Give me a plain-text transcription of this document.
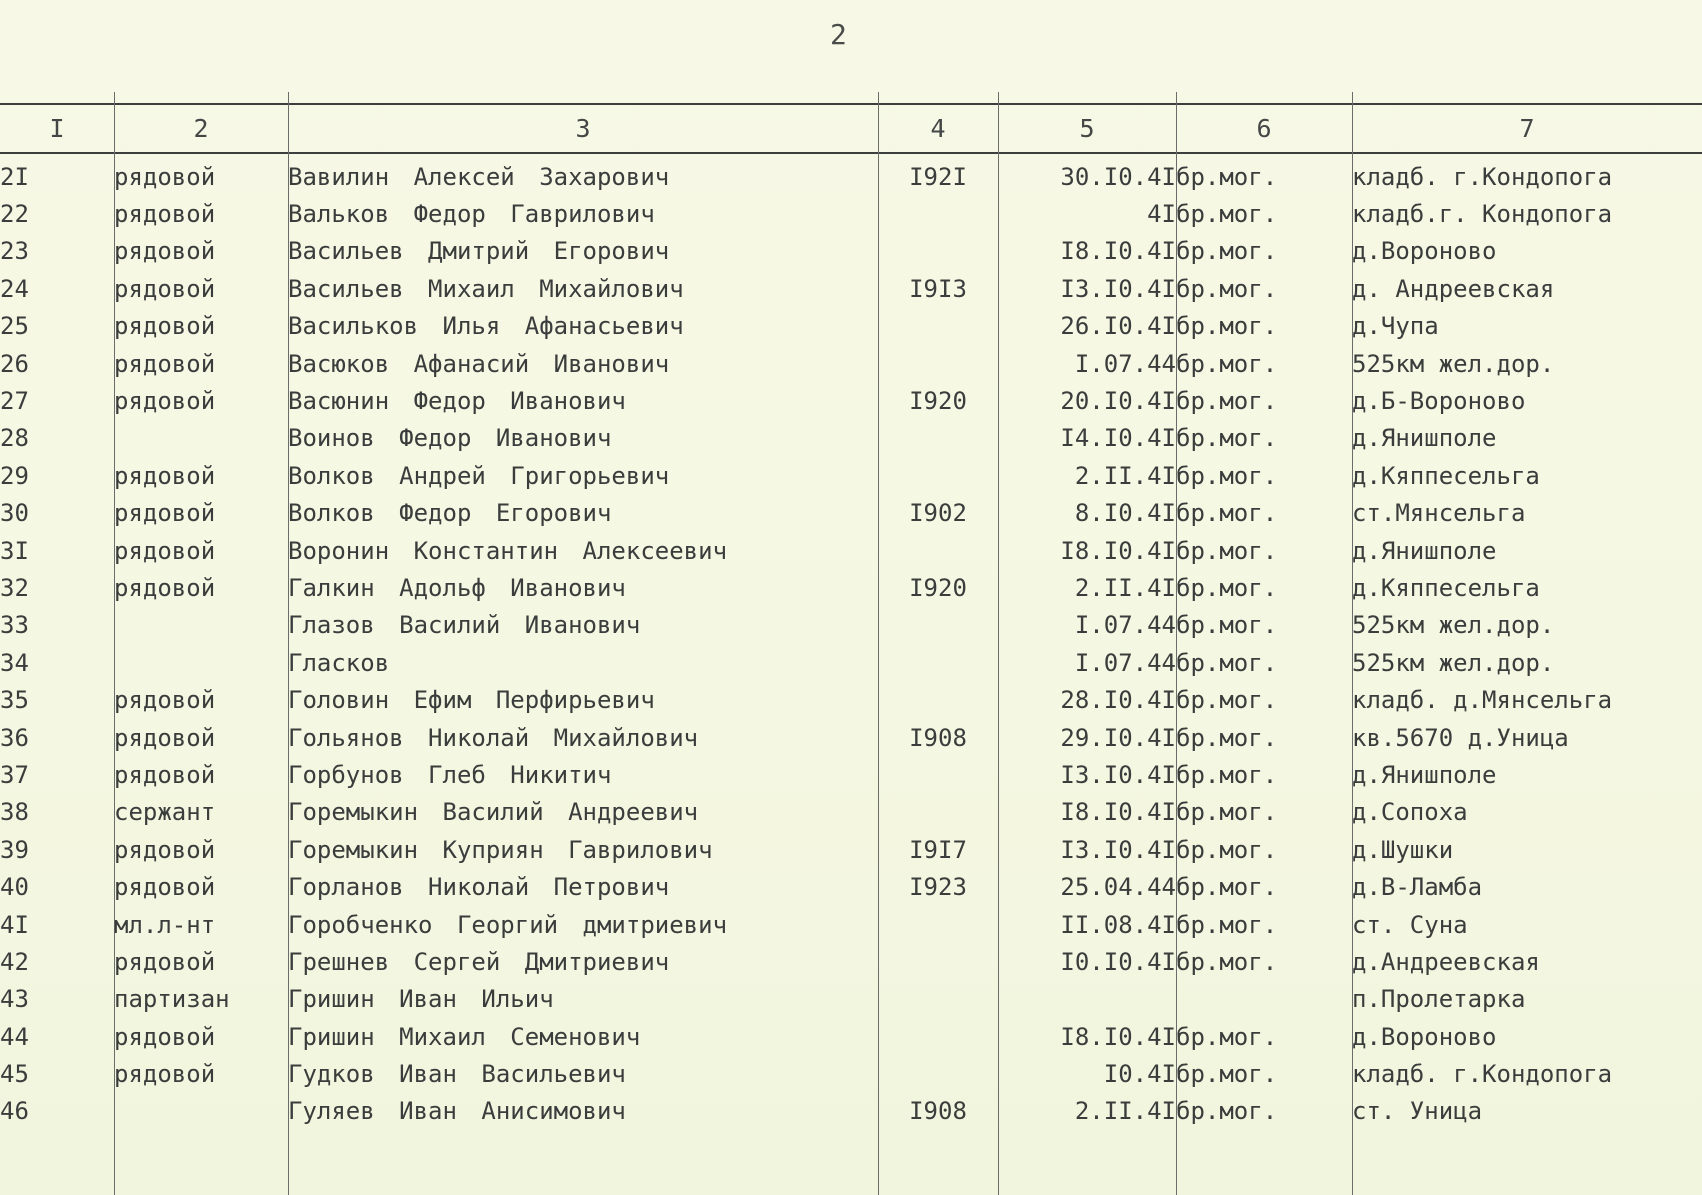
2
I	2	3	4	5	6	7
2I	рядовой	Вавилин Алексей Захарович	I92I	30.I0.4I	бр.мог.	кладб. г.Кондопога
22	рядовой	Вальков Федор Гаврилович		4I	бр.мог.	кладб.г. Кондопога
23	рядовой	Васильев Дмитрий Егорович		I8.I0.4I	бр.мог.	д.Вороново
24	рядовой	Васильев Михаил Михайлович	I9I3	I3.I0.4I	бр.мог.	д. Андреевская
25	рядовой	Васильков Илья Афанасьевич		26.I0.4I	бр.мог.	д.Чупа
26	рядовой	Васюков Афанасий Иванович		I.07.44	бр.мог.	525км жел.дор.
27	рядовой	Васюнин Федор Иванович	I920	20.I0.4I	бр.мог.	д.Б-Вороново
28		Воинов Федор Иванович		I4.I0.4I	бр.мог.	д.Янишполе
29	рядовой	Волков Андрей Григорьевич		2.II.4I	бр.мог.	д.Кяппесельга
30	рядовой	Волков Федор Егорович	I902	8.I0.4I	бр.мог.	ст.Мянсельга
3I	рядовой	Воронин Константин Алексеевич		I8.I0.4I	бр.мог.	д.Янишполе
32	рядовой	Галкин Адольф Иванович	I920	2.II.4I	бр.мог.	д.Кяппесельга
33		Глазов Василий Иванович		I.07.44	бр.мог.	525км жел.дор.
34		Гласков		I.07.44	бр.мог.	525км жел.дор.
35	рядовой	Головин Ефим Перфирьевич		28.I0.4I	бр.мог.	кладб. д.Мянсельга
36	рядовой	Гольянов Николай Михайлович	I908	29.I0.4I	бр.мог.	кв.5670 д.Уница
37	рядовой	Горбунов Глеб Никитич		I3.I0.4I	бр.мог.	д.Янишполе
38	сержант	Горемыкин Василий Андреевич		I8.I0.4I	бр.мог.	д.Сопоха
39	рядовой	Горемыкин Куприян Гаврилович	I9I7	I3.I0.4I	бр.мог.	д.Шушки
40	рядовой	Горланов Николай Петрович	I923	25.04.44	бр.мог.	д.В-Ламба
4I	мл.л-нт	Горобченко Георгий дмитриевич		II.08.4I	бр.мог.	ст. Суна
42	рядовой	Грешнев Сергей Дмитриевич		I0.I0.4I	бр.мог.	д.Андреевская
43	партизан	Гришин Иван Ильич				п.Пролетарка
44	рядовой	Гришин Михаил Семенович		I8.I0.4I	бр.мог.	д.Вороново
45	рядовой	Гудков Иван Васильевич		I0.4I	бр.мог.	кладб. г.Кондопога
46		Гуляев Иван Анисимович	I908	2.II.4I	бр.мог.	ст. Уница
